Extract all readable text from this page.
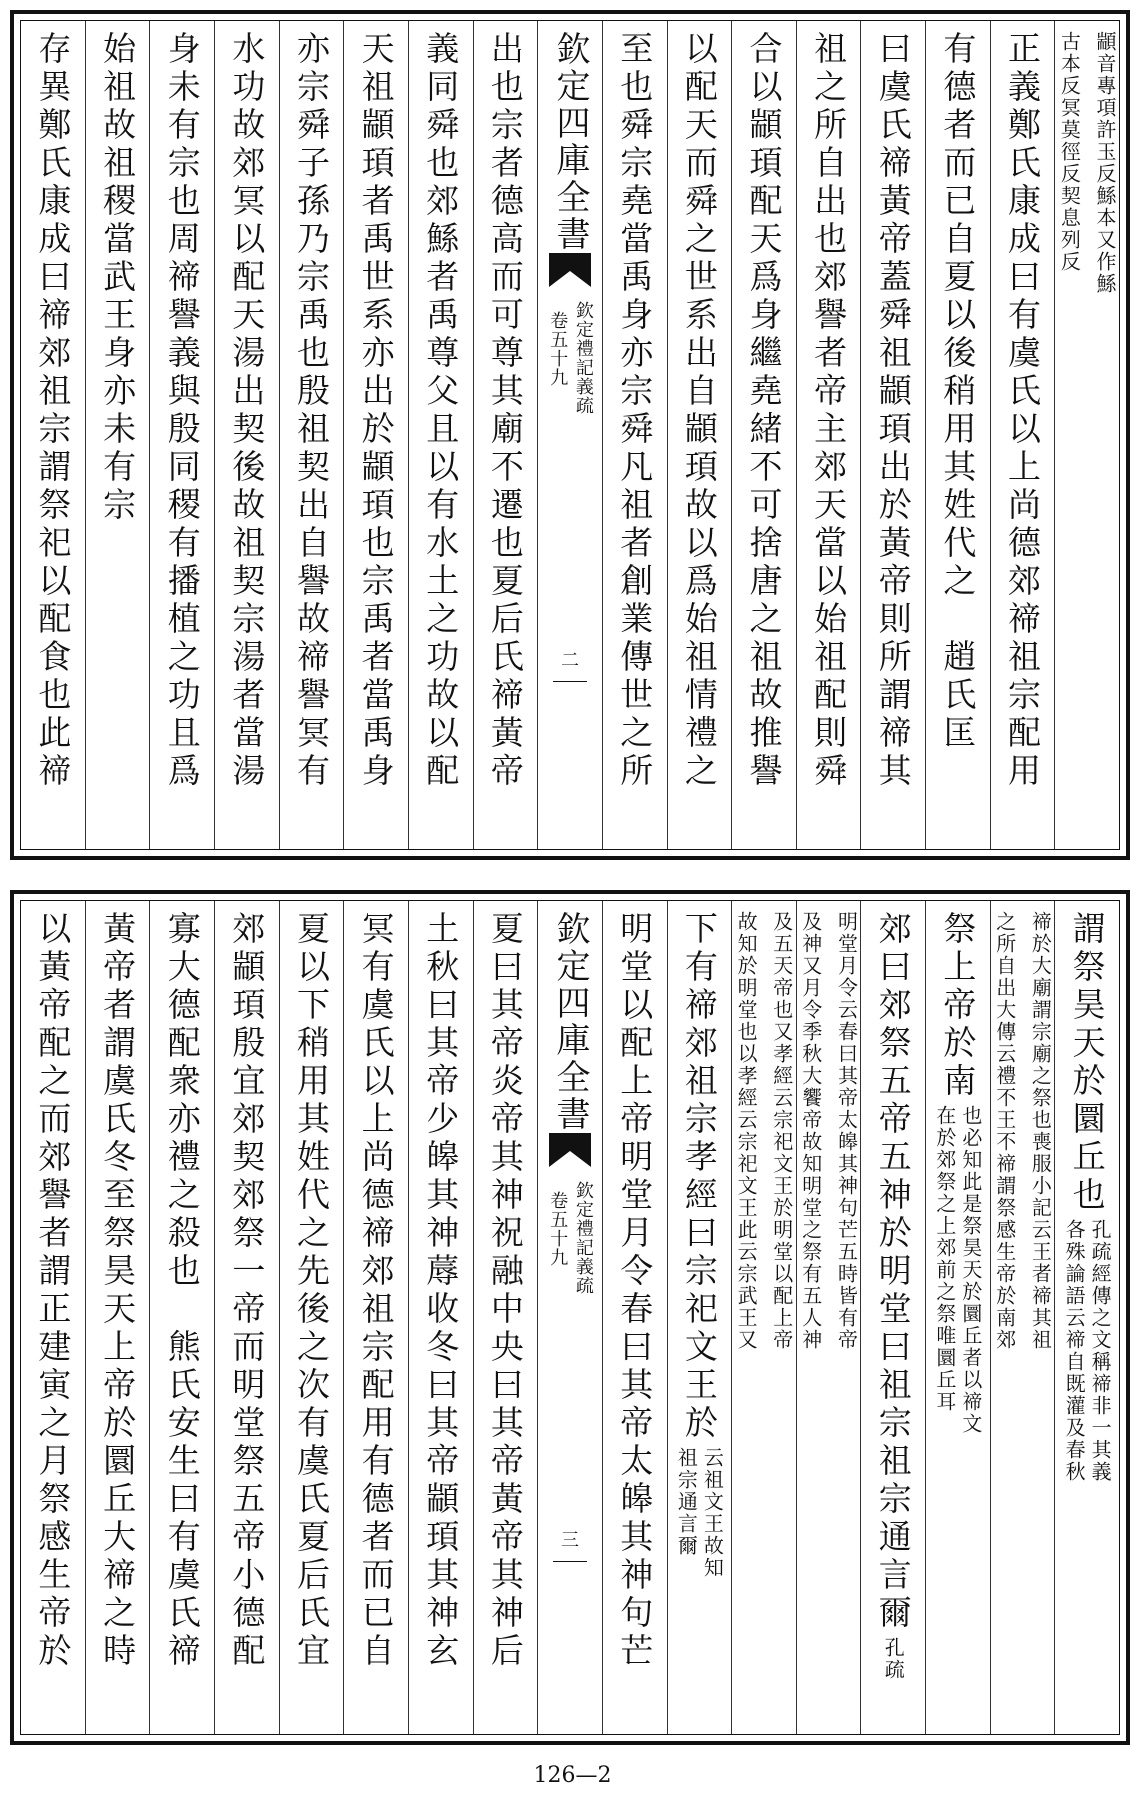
顓音專項許玉反鯀本又作鯀
古本反冥莫徑反契息列反
正義鄭氏康成曰有虞氏以上尚德郊禘祖宗配用
有德者而已自夏以後稍用其姓代之　趙氏匡
曰虞氏禘黃帝蓋舜祖顓頊出於黃帝則所謂禘其
祖之所自出也郊譽者帝主郊天當以始祖配則舜
合以顓頊配天爲身繼堯緒不可捨唐之祖故推譽
以配天而舜之世系出自顓頊故以爲始祖情禮之
至也舜宗堯當禹身亦宗舜凡祖者創業傳世之所
欽定四庫全書
欽定禮記義疏
卷五十九
二
出也宗者德高而可尊其廟不遷也夏后氏禘黃帝
義同舜也郊鯀者禹尊父且以有水土之功故以配
天祖顓頊者禹世系亦出於顓頊也宗禹者當禹身
亦宗舜子孫乃宗禹也殷祖契出自譽故禘譽冥有
水功故郊冥以配天湯出契後故祖契宗湯者當湯
身未有宗也周禘譽義與殷同稷有播植之功且爲
始祖故祖稷當武王身亦未有宗
存異鄭氏康成曰禘郊祖宗謂祭祀以配食也此禘
謂祭昊天於圜丘也
孔疏經傳之文稱禘非一其義
各殊論語云禘自既灌及春秋
禘於大廟謂宗廟之祭也喪服小記云王者禘其祖
之所自出大傳云禮不王不禘謂祭感生帝於南郊
祭上帝於南
也必知此是祭昊天於圜丘者以禘文
在於郊祭之上郊前之祭唯圜丘耳
郊曰郊祭五帝五神於明堂曰祖宗祖宗通言爾
孔疏
明堂月令云春曰其帝太皞其神句芒五時皆有帝
及神又月令季秋大饗帝故知明堂之祭有五人神
及五天帝也又孝經云宗祀文王於明堂以配上帝
故知於明堂也以孝經云宗祀文王此云宗武王又
下有禘郊祖宗孝經曰宗祀文王於
云祖文王故知
祖宗通言爾
明堂以配上帝明堂月令春曰其帝太皞其神句芒
欽定四庫全書
欽定禮記義疏
卷五十九
三
夏曰其帝炎帝其神祝融中央曰其帝黃帝其神后
土秋曰其帝少皞其神蓐收冬曰其帝顓頊其神玄
冥有虞氏以上尚德禘郊祖宗配用有德者而已自
夏以下稍用其姓代之先後之次有虞氏夏后氏宜
郊顓頊殷宜郊契郊祭一帝而明堂祭五帝小德配
寡大德配衆亦禮之殺也　熊氏安生曰有虞氏禘
黃帝者謂虞氏冬至祭昊天上帝於圜丘大禘之時
以黃帝配之而郊譽者謂正建寅之月祭感生帝於
126—2
